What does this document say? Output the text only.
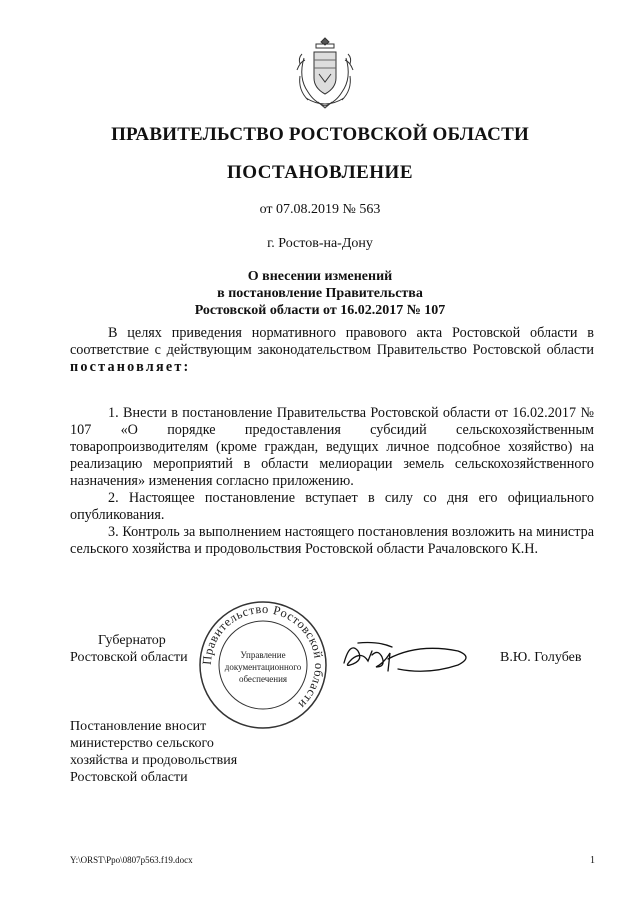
ПРАВИТЕЛЬСТВО РОСТОВСКОЙ ОБЛАСТИ
ПОСТАНОВЛЕНИЕ
от 07.08.2019 № 563
г. Ростов-на-Дону
О внесении изменений
в постановление Правительства
Ростовской области от 16.02.2017 № 107

В целях приведения нормативного правового акта Ростовской области в соответствие с действующим законодательством Правительство Ростовской области постановляет:

1. Внести в постановление Правительства Ростовской области от 16.02.2017 № 107 «О порядке предоставления субсидий сельскохозяйственным товаропроизводителям (кроме граждан, ведущих личное подсобное хозяйство) на реализацию мероприятий в области мелиорации земель сельскохозяйственного назначения» изменения согласно приложению.

2. Настоящее постановление вступает в силу со дня его официального опубликования.

3. Контроль за выполнением настоящего постановления возложить на министра сельского хозяйства и продовольствия Ростовской области Рачаловского К.Н.

Губернатор
Ростовской области Правительство Ростовской области
Управление
документационного
обеспечения
В.Ю. Голубев
Постановление вносит
министерство сельского
хозяйства и продовольствия
Ростовской области
Y:\ORST\Ppo\0807p563.f19.docx	1
